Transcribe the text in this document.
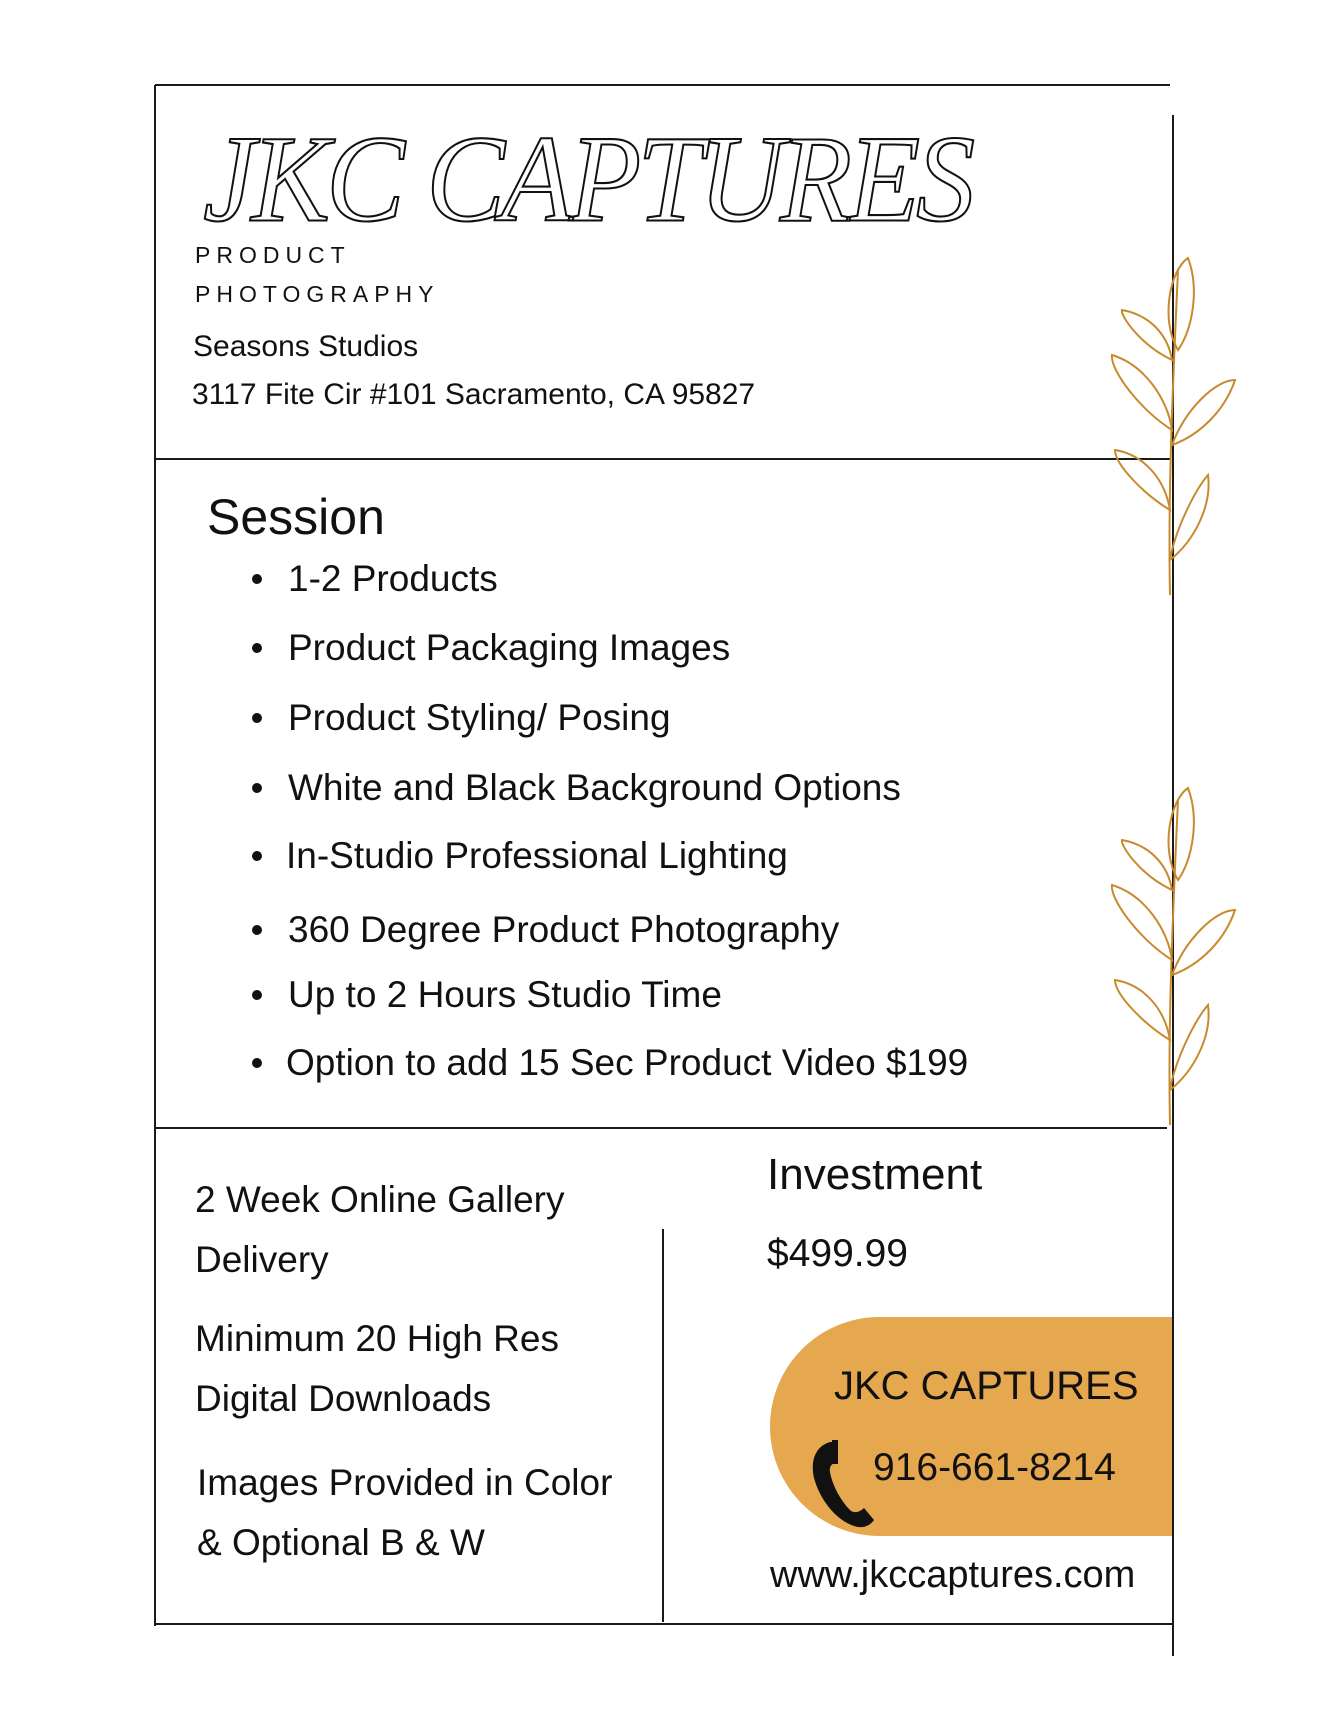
JKC CAPTURES
PRODUCT
PHOTOGRAPHY
Seasons Studios
3117 Fite Cir #101 Sacramento, CA 95827
Session
1-2 Products
Product Packaging Images
Product Styling/ Posing
White and Black Background Options
In-Studio Professional Lighting
360 Degree Product Photography
Up to 2 Hours Studio Time
Option to add 15 Sec Product Video $199
2 Week Online Gallery
Delivery
Minimum 20 High Res
Digital Downloads
Images Provided in Color
& Optional B & W
Investment
$499.99
JKC CAPTURES
916-661-8214
www.jkccaptures.com
